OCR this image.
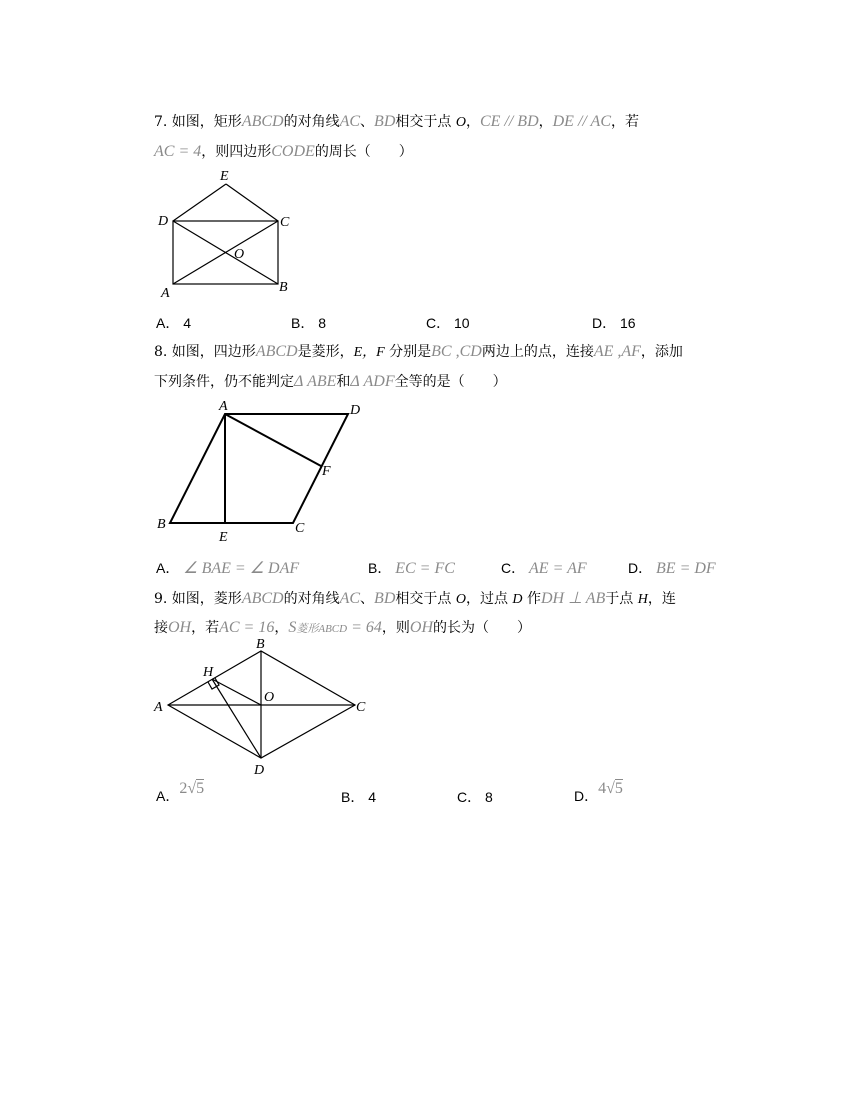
7. 如图，矩形ABCD的对角线AC、BD相交于点 O，CE // BD，DE // AC，若
AC = 4，则四边形CODE的周长（　　）
E
D	C
O
A	B
A． 4	B． 8	C． 10	D． 16
8. 如图，四边形ABCD是菱形，E，F 分别是BC ,CD两边上的点，连接AE ,AF，添加
下列条件，仍不能判定Δ ABE和Δ ADF全等的是（　　）
A	D
F
B
E
C
A． ∠ BAE = ∠ DAF	B． EC = FC	C． AE = AF	D． BE = DF
9. 如图，菱形ABCD的对角线AC、BD相交于点 O，过点 D 作DH ⊥ AB于点 H，连
接OH，若AC = 16，S菱形ABCD = 64，则OH的长为（　　）
B
H
A
O
C
D
A．2√5	B． 4	C． 8	D．4√5
